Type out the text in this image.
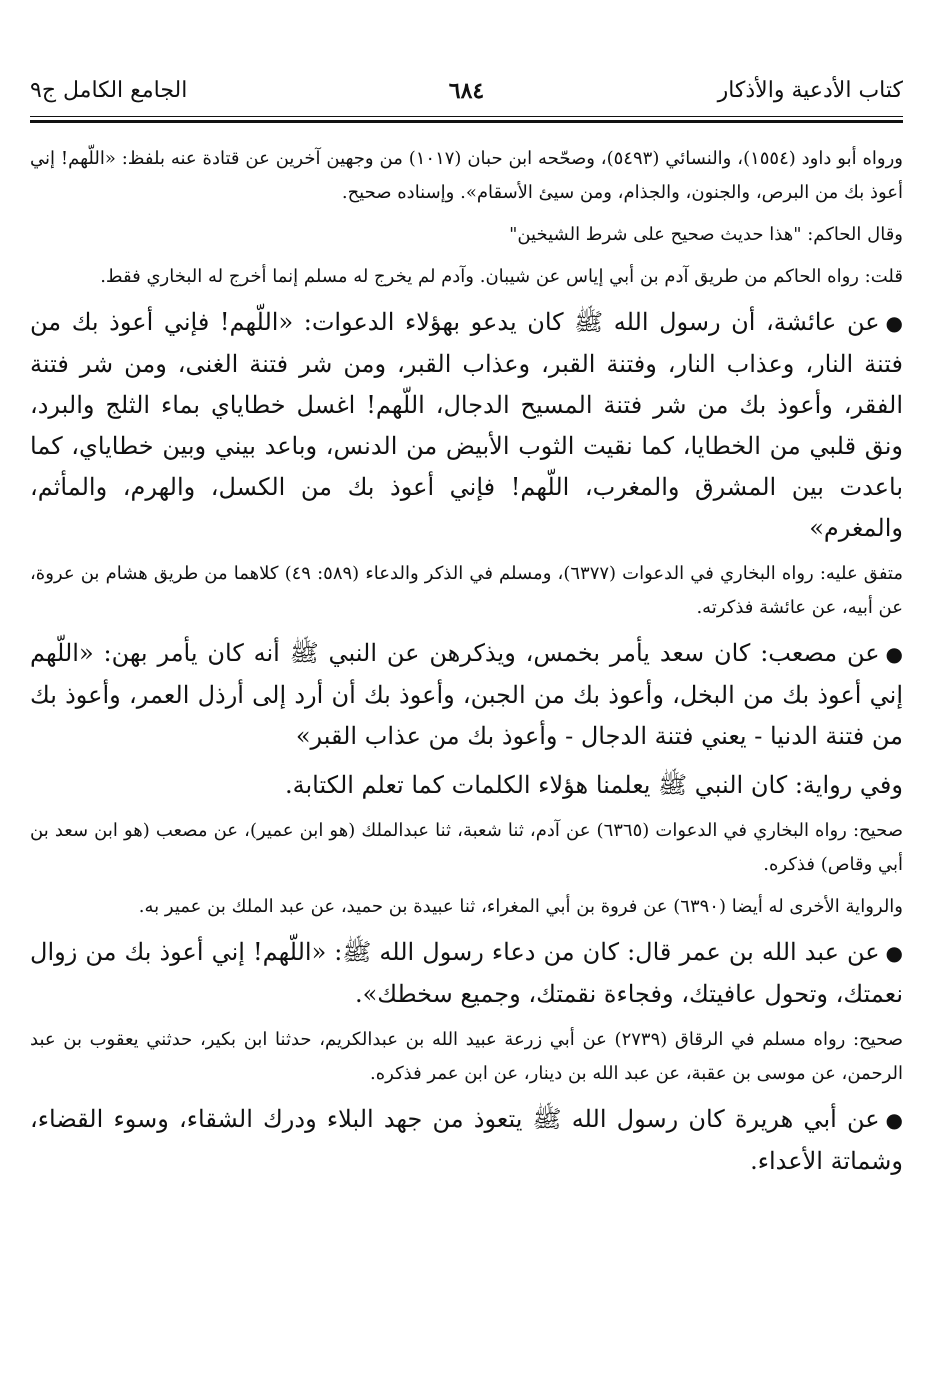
كتاب الأدعية والأذكار
٦٨٤
الجامع الكامل ج٩

ورواه أبو داود (١٥٥٤)، والنسائي (٥٤٩٣)، وصحّحه ابن حبان (١٠١٧) من وجهين آخرين عن قتادة عنه بلفظ: «اللّهم! إني أعوذ بك من البرص، والجنون، والجذام، ومن سيئ الأسقام». وإسناده صحيح.

وقال الحاكم: "هذا حديث صحيح على شرط الشيخين"

قلت: رواه الحاكم من طريق آدم بن أبي إياس عن شيبان. وآدم لم يخرج له مسلم إنما أخرج له البخاري فقط.

●عن عائشة، أن رسول الله ﷺ كان يدعو بهؤلاء الدعوات: «اللّهم! فإني أعوذ بك من فتنة النار، وعذاب النار، وفتنة القبر، وعذاب القبر، ومن شر فتنة الغنى، ومن شر فتنة الفقر، وأعوذ بك من شر فتنة المسيح الدجال، اللّهم! اغسل خطاياي بماء الثلج والبرد، ونق قلبي من الخطايا، كما نقيت الثوب الأبيض من الدنس، وباعد بيني وبين خطاياي، كما باعدت بين المشرق والمغرب، اللّهم! فإني أعوذ بك من الكسل، والهرم، والمأثم، والمغرم»

متفق عليه: رواه البخاري في الدعوات (٦٣٧٧)، ومسلم في الذكر والدعاء (٥٨٩: ٤٩) كلاهما من طريق هشام بن عروة، عن أبيه، عن عائشة فذكرته.

●عن مصعب: كان سعد يأمر بخمس، ويذكرهن عن النبي ﷺ أنه كان يأمر بهن: «اللّهم إني أعوذ بك من البخل، وأعوذ بك من الجبن، وأعوذ بك أن أرد إلى أرذل العمر، وأعوذ بك من فتنة الدنيا - يعني فتنة الدجال - وأعوذ بك من عذاب القبر»

وفي رواية: كان النبي ﷺ يعلمنا هؤلاء الكلمات كما تعلم الكتابة.

صحيح: رواه البخاري في الدعوات (٦٣٦٥) عن آدم، ثنا شعبة، ثنا عبدالملك (هو ابن عمير)، عن مصعب (هو ابن سعد بن أبي وقاص) فذكره.

والرواية الأخرى له أيضا (٦٣٩٠) عن فروة بن أبي المغراء، ثنا عبيدة بن حميد، عن عبد الملك بن عمير به.

●عن عبد الله بن عمر قال: كان من دعاء رسول الله ﷺ: «اللّهم! إني أعوذ بك من زوال نعمتك، وتحول عافيتك، وفجاءة نقمتك، وجميع سخطك».

صحيح: رواه مسلم في الرقاق (٢٧٣٩) عن أبي زرعة عبيد الله بن عبدالكريم، حدثنا ابن بكير، حدثني يعقوب بن عبد الرحمن، عن موسى بن عقبة، عن عبد الله بن دينار، عن ابن عمر فذكره.

●عن أبي هريرة كان رسول الله ﷺ يتعوذ من جهد البلاء ودرك الشقاء، وسوء القضاء، وشماتة الأعداء.
